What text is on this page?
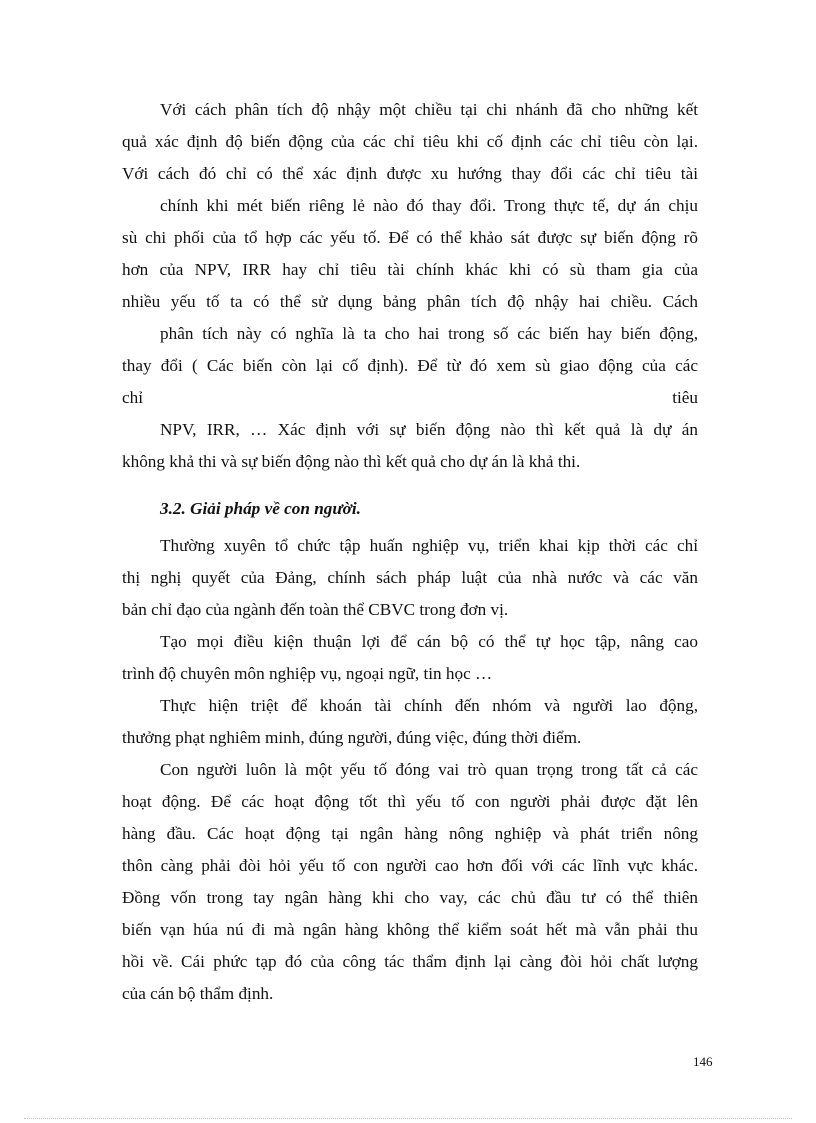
Với cách phân tích độ nhậy một chiều tại chi nhánh đã cho những kết

quả xác định độ biến động của các chỉ tiêu khi cố định các chỉ tiêu còn lại.

Với cách đó chỉ có thể xác định được xu hướng thay đổi các chỉ tiêu tài

chính khi mét biến riêng lẻ nào đó thay đổi. Trong thực tế, dự án chịu

sù chi phối của tổ hợp các yếu tố. Để có thể khảo sát được sự biến động rõ

hơn của NPV, IRR hay chỉ tiêu tài chính khác khi có sù tham gia của

nhiều yếu tố ta có thể sử dụng bảng phân tích độ nhậy hai chiều. Cách

phân tích này có nghĩa là ta cho hai trong số các biến hay biến động,

thay đổi ( Các biến còn lại cố định). Để từ đó xem sù giao động của các

chỉ	tiêu

NPV, IRR, … Xác định với sự biến động nào thì kết quả là dự án

không khả thi và sự biến động nào thì kết quả cho dự án là khả thi.

3.2. Giải pháp về con người.

Thường xuyên tổ chức tập huấn nghiệp vụ, triển khai kịp thời các chỉ

thị nghị quyết của Đảng, chính sách pháp luật của nhà nước và các văn

bản chỉ đạo của ngành đến toàn thể CBVC trong đơn vị.

Tạo mọi điều kiện thuận lợi để cán bộ có thể tự học tập, nâng cao

trình độ chuyên môn nghiệp vụ, ngoại ngữ, tin học …

Thực hiện triệt để khoán tài chính đến nhóm và người lao động,

thưởng phạt nghiêm minh, đúng người, đúng việc, đúng thời điểm.

Con người luôn là một yếu tố đóng vai trò quan trọng trong tất cả các

hoạt động. Để các hoạt động tốt thì yếu tố con người phải được đặt lên

hàng đầu. Các hoạt động tại ngân hàng nông nghiệp và phát triển nông

thôn càng phải đòi hỏi yếu tố con người cao hơn đối với các lĩnh vực khác.

Đồng vốn trong tay ngân hàng khi cho vay, các chủ đầu tư có thể thiên

biến vạn húa nú đi mà ngân hàng không thể kiểm soát hết mà vẫn phải thu

hồi về. Cái phức tạp đó của công tác thẩm định lại càng đòi hỏi chất lượng

của cán bộ thẩm định.

146
